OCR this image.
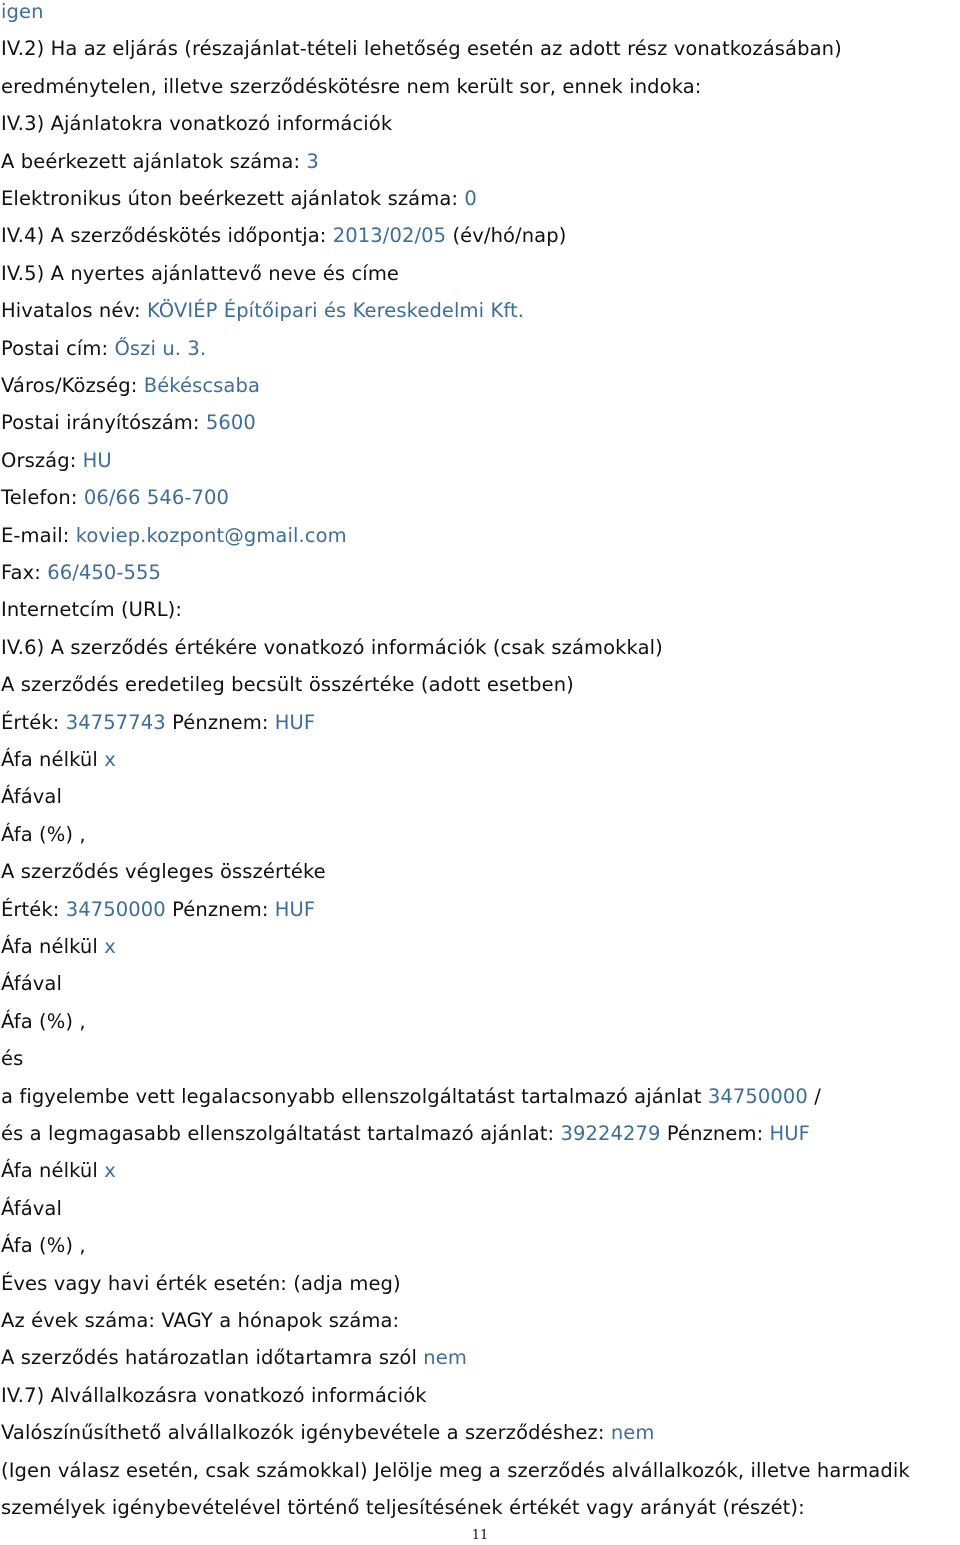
igen
IV.2) Ha az eljárás (részajánlat-tételi lehetőség esetén az adott rész vonatkozásában)
eredménytelen, illetve szerződéskötésre nem került sor, ennek indoka:
IV.3) Ajánlatokra vonatkozó információk
A beérkezett ajánlatok száma: 3
Elektronikus úton beérkezett ajánlatok száma: 0
IV.4) A szerződéskötés időpontja: 2013/02/05 (év/hó/nap)
IV.5) A nyertes ajánlattevő neve és címe
Hivatalos név: KÖVIÉP Építőipari és Kereskedelmi Kft.
Postai cím: Őszi u. 3.
Város/Község: Békéscsaba
Postai irányítószám: 5600
Ország: HU
Telefon: 06/66 546-700
E-mail: koviep.kozpont@gmail.com
Fax: 66/450-555
Internetcím (URL):
IV.6) A szerződés értékére vonatkozó információk (csak számokkal)
A szerződés eredetileg becsült összértéke (adott esetben)
Érték: 34757743 Pénznem: HUF
Áfa nélkül x
Áfával
Áfa (%) ,
A szerződés végleges összértéke
Érték: 34750000 Pénznem: HUF
Áfa nélkül x
Áfával
Áfa (%) ,
és
a figyelembe vett legalacsonyabb ellenszolgáltatást tartalmazó ajánlat 34750000 /
és a legmagasabb ellenszolgáltatást tartalmazó ajánlat: 39224279 Pénznem: HUF
Áfa nélkül x
Áfával
Áfa (%) ,
Éves vagy havi érték esetén: (adja meg)
Az évek száma: VAGY a hónapok száma:
A szerződés határozatlan időtartamra szól nem
IV.7) Alvállalkozásra vonatkozó információk
Valószínűsíthető alvállalkozók igénybevétele a szerződéshez: nem
(Igen válasz esetén, csak számokkal) Jelölje meg a szerződés alvállalkozók, illetve harmadik
személyek igénybevételével történő teljesítésének értékét vagy arányát (részét):
11
